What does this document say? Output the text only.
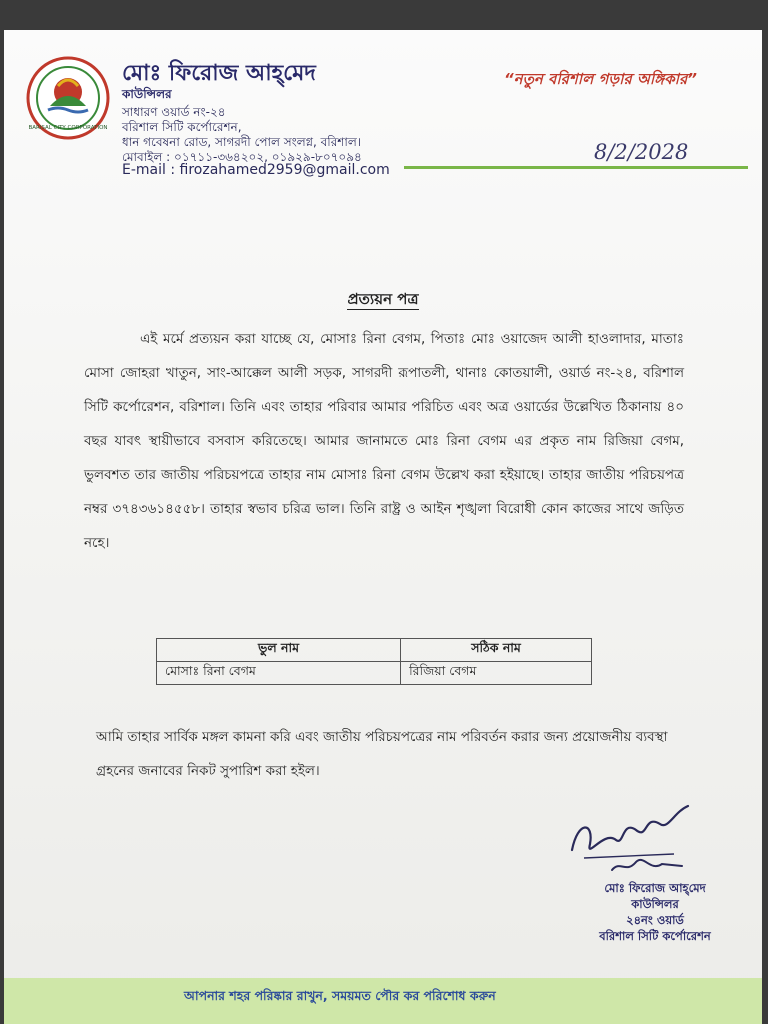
BARISAL CITY CORPORATION
মোঃ ফিরোজ আহ্‌মেদ
কাউন্সিলর
সাধারণ ওয়ার্ড নং-২৪
বরিশাল সিটি কর্পোরেশন,
ধান গবেষনা রোড, সাগরদী পোল সংলগ্ন, বরিশাল।
মোবাইল : ০১৭১১-৩৬৪২০২, ০১৯২৯-৮০৭০৯৪
E-mail : firozahamed2959@gmail.com
“নতুন বরিশাল গড়ার অঙ্গিকার”
8/2/2028
প্রত্যয়ন পত্র

এই মর্মে প্রত্যয়ন করা যাচ্ছে যে, মোসাঃ রিনা বেগম, পিতাঃ মোঃ ওয়াজেদ আলী হাওলাদার, মাতাঃ মোসা জোহরা খাতুন, সাং-আক্কেল আলী সড়ক, সাগরদী রূপাতলী, থানাঃ কোতয়ালী, ওয়ার্ড নং-২৪, বরিশাল সিটি কর্পোরেশন, বরিশাল। তিনি এবং তাহার পরিবার আমার পরিচিত এবং অত্র ওয়ার্ডের উল্লেখিত ঠিকানায় ৪০ বছর যাবৎ স্থায়ীভাবে বসবাস করিতেছে। আমার জানামতে মোঃ রিনা বেগম এর প্রকৃত নাম রিজিয়া বেগম, ভুলবশত তার জাতীয় পরিচয়পত্রে তাহার নাম মোসাঃ রিনা বেগম উল্লেখ করা হইয়াছে। তাহার জাতীয় পরিচয়পত্র নম্বর ৩৭৪৩৬১৪৫৫৮। তাহার স্বভাব চরিত্র ভাল। তিনি রাষ্ট্র ও আইন শৃঙ্খলা বিরোধী কোন কাজের সাথে জড়িত নহে।

ভুল নাম	সঠিক নাম
মোসাঃ রিনা বেগম	রিজিয়া বেগম

আমি তাহার সার্বিক মঙ্গল কামনা করি এবং জাতীয় পরিচয়পত্রের নাম পরিবর্তন করার জন্য প্রয়োজনীয় ব্যবস্থা গ্রহনের জনাবের নিকট সুপারিশ করা হইল।

মোঃ ফিরোজ আহ্‌মেদ
কাউন্সিলর
২৪নং ওয়ার্ড
বরিশাল সিটি কর্পোরেশন
আপনার শহর পরিষ্কার রাখুন, সময়মত পৌর কর পরিশোধ করুন
